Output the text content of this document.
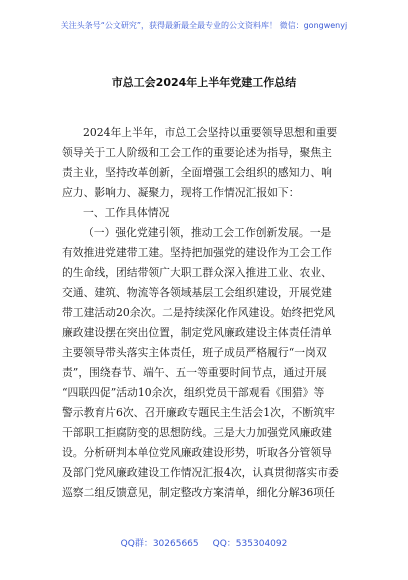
关注头条号“公文研究”，获得最新最全最专业的公文资料库！ 微信：gongwenyj
市总工会2024年上半年党建工作总结
2024年上半年，市总工会坚持以重要领导思想和重要
领导关于工人阶级和工会工作的重要论述为指导，聚焦主
责主业，坚持改革创新，全面增强工会组织的感知力、响
应力、影响力、凝聚力，现将工作情况汇报如下：
一、工作具体情况
（一）强化党建引领，推动工会工作创新发展。一是
有效推进党建带工建。坚持把加强党的建设作为工会工作
的生命线，团结带领广大职工群众深入推进工业、农业、
交通、建筑、物流等各领域基层工会组织建设，开展党建
带工建活动20余次。二是持续深化作风建设。始终把党风
廉政建设摆在突出位置，制定党风廉政建设主体责任清单
主要领导带头落实主体责任，班子成员严格履行“一岗双
责”，围绕春节、端午、五一等重要时间节点，通过开展
“四联四促”活动10余次，组织党员干部观看《围猎》等
警示教育片6次、召开廉政专题民主生活会1次，不断筑牢
干部职工拒腐防变的思想防线。三是大力加强党风廉政建
设。分析研判本单位党风廉政建设形势，听取各分管领导
及部门党风廉政建设工作情况汇报4次，认真贯彻落实市委
巡察二组反馈意见，制定整改方案清单，细化分解36项任
QQ群：30265665 QQ：535304092
